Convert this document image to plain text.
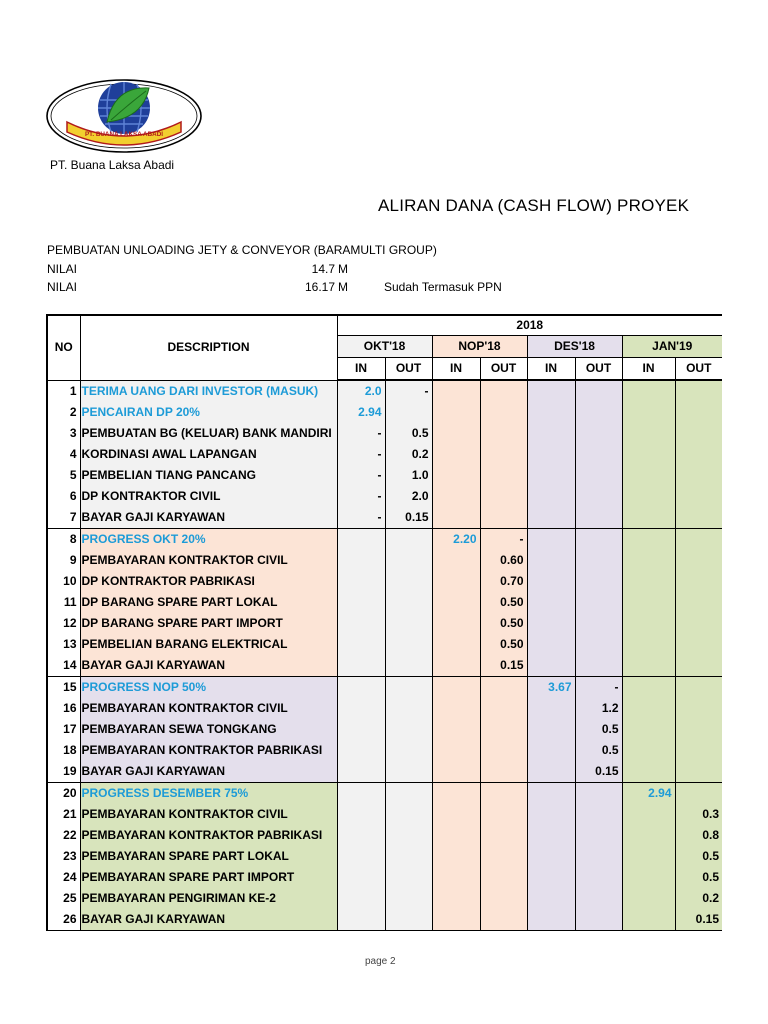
PT. BUANA LAKSA ABADI
PT. Buana Laksa Abadi
ALIRAN DANA (CASH FLOW) PROYEK
PEMBUATAN UNLOADING JETY & CONVEYOR (BARAMULTI GROUP)
NILAI	14.7 M
NILAI	16.17 M	Sudah Termasuk PPN
NO	DESCRIPTION	2018							
		OKT'18		NOP'18		DES'18		JAN'19	
		IN	OUT	IN	OUT	IN	OUT	IN	OUT
1	TERIMA UANG DARI INVESTOR (MASUK)	2.0	-						
2	PENCAIRAN DP 20%	2.94							
3	PEMBUATAN BG (KELUAR) BANK MANDIRI	-	0.5						
4	KORDINASI AWAL LAPANGAN	-	0.2						
5	PEMBELIAN TIANG PANCANG	-	1.0						
6	DP KONTRAKTOR CIVIL	-	2.0						
7	BAYAR GAJI KARYAWAN	-	0.15						
8	PROGRESS OKT 20%			2.20	-				
9	PEMBAYARAN KONTRAKTOR CIVIL				0.60				
10	DP KONTRAKTOR PABRIKASI				0.70				
11	DP BARANG SPARE PART LOKAL				0.50				
12	DP BARANG SPARE PART IMPORT				0.50				
13	PEMBELIAN BARANG ELEKTRICAL				0.50				
14	BAYAR GAJI KARYAWAN				0.15				
15	PROGRESS NOP 50%					3.67	-		
16	PEMBAYARAN KONTRAKTOR CIVIL						1.2		
17	PEMBAYARAN SEWA TONGKANG						0.5		
18	PEMBAYARAN KONTRAKTOR PABRIKASI						0.5		
19	BAYAR GAJI KARYAWAN						0.15		
20	PROGRESS DESEMBER 75%							2.94	
21	PEMBAYARAN KONTRAKTOR CIVIL								0.3
22	PEMBAYARAN KONTRAKTOR PABRIKASI								0.8
23	PEMBAYARAN SPARE PART LOKAL								0.5
24	PEMBAYARAN SPARE PART IMPORT								0.5
25	PEMBAYARAN PENGIRIMAN KE-2								0.2
26	BAYAR GAJI KARYAWAN								0.15
page 2
